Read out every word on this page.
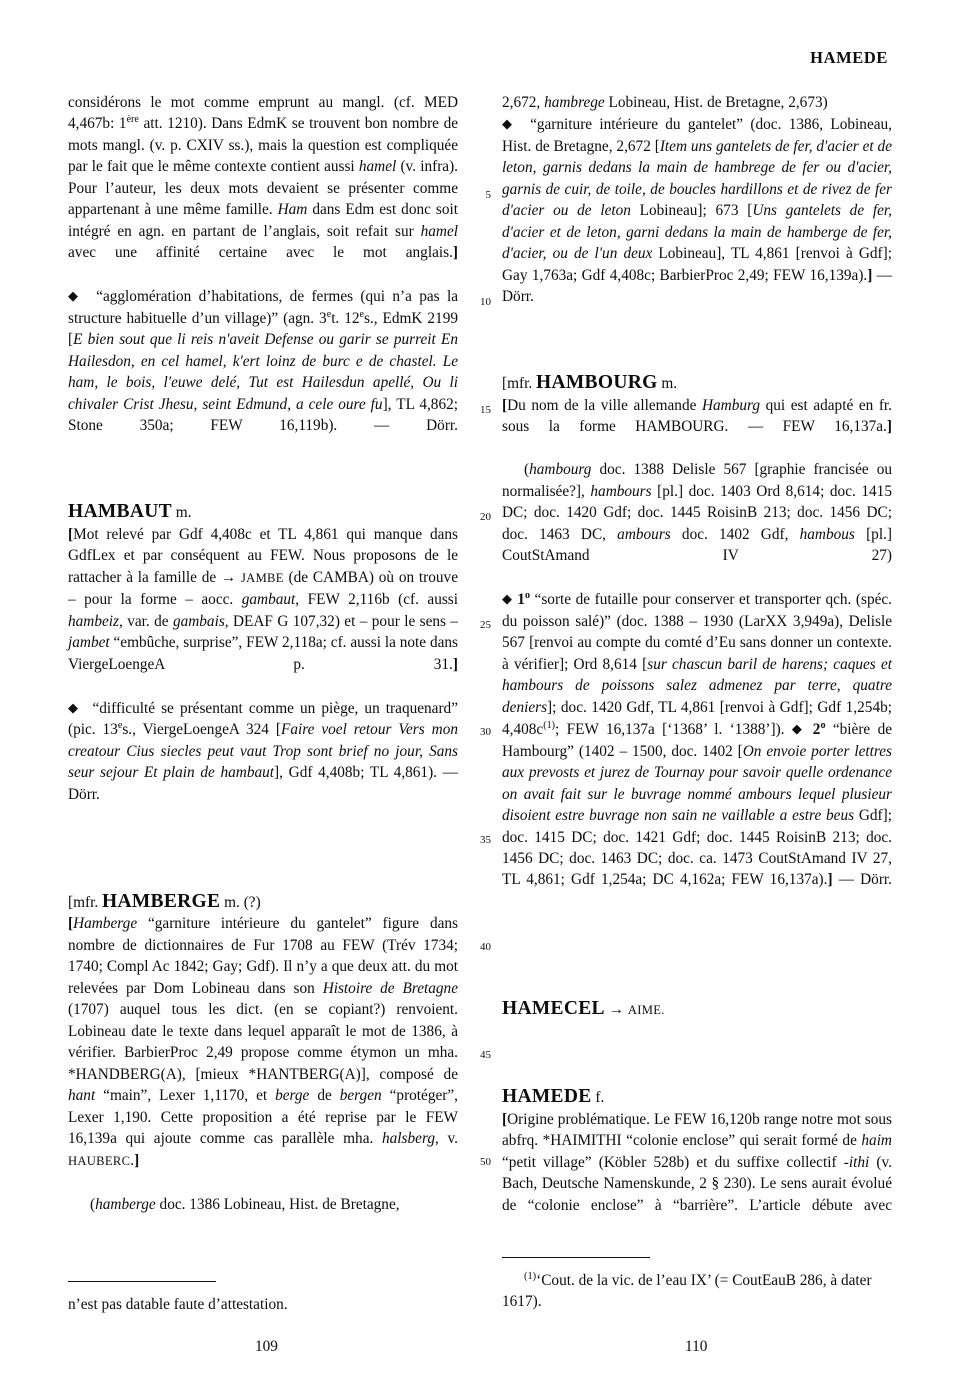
HAMEDE

considérons le mot comme emprunt au mangl. (cf. MED 4,467b: 1ère att. 1210). Dans EdmK se trouvent bon nombre de mots mangl. (v. p. CXIV ss.), mais la question est compliquée par le fait que le même contexte contient aussi hamel (v. infra). Pour l’auteur, les deux mots devaient se présenter comme appartenant à une même famille. Ham dans Edm est donc soit intégré en agn. en partant de l’anglais, soit refait sur hamel avec une affinité certaine avec le mot anglais.]

◆  “agglomération d’habitations, de fermes (qui n’a pas la structure habituelle d’un village)” (agn. 3et. 12es., EdmK 2199 [E bien sout que li reis n'aveit Defense ou garir se purreit En Hailesdon, en cel hamel, k'ert loinz de burc e de chastel. Le ham, le bois, l'euwe delé, Tut est Hailesdun apellé, Ou li chivaler Crist Jhesu, seint Edmund, a cele oure fu], TL 4,862; Stone 350a; FEW 16,119b). — Dörr.

HAMBAUT m.

[Mot relevé par Gdf 4,408c et TL 4,861 qui manque dans GdfLex et par conséquent au FEW. Nous proposons de le rattacher à la famille de → JAMBE (de CAMBA) où on trouve – pour la forme – aocc. gambaut, FEW 2,116b (cf. aussi hambeiz, var. de gambais, DEAF G 107,32) et – pour le sens – jambet “embûche, surprise”, FEW 2,118a; cf. aussi la note dans ViergeLoengeA p. 31.]

◆  “difficulté se présentant comme un piège, un traquenard” (pic. 13es., ViergeLoengeA 324 [Faire voel retour Vers mon creatour Cius siecles peut vaut Trop sont brief no jour, Sans seur sejour Et plain de hambaut], Gdf 4,408b; TL 4,861). — Dörr.

[mfr. HAMBERGE m. (?)

[Hamberge “garniture intérieure du gantelet” figure dans nombre de dictionnaires de Fur 1708 au FEW (Trév 1734; 1740; Compl Ac 1842; Gay; Gdf). Il n’y a que deux att. du mot relevées par Dom Lobineau dans son Histoire de Bretagne (1707) auquel tous les dict. (en se copiant?) renvoient. Lobineau date le texte dans lequel apparaît le mot de 1386, à vérifier. BarbierProc 2,49 propose comme étymon un mha. *HANDBERG(A), [mieux *HANTBERG(A)], composé de hant “main”, Lexer 1,1170, et berge de bergen “protéger”, Lexer 1,190. Cette proposition a été reprise par le FEW 16,139a qui ajoute comme cas parallèle mha. halsberg, v. HAUBERC.]

(hamberge doc. 1386 Lobineau, Hist. de Bretagne,

2,672, hambrege Lobineau, Hist. de Bretagne, 2,673)

◆  “garniture intérieure du gantelet” (doc. 1386, Lobineau, Hist. de Bretagne, 2,672 [Item uns gantelets de fer, d'acier et de leton, garnis dedans la main de hambrege de fer ou d'acier, garnis de cuir, de toile, de boucles hardillons et de rivez de fer d'acier ou de leton Lobineau]; 673 [Uns gantelets de fer, d'acier et de leton, garni dedans la main de hamberge de fer, d'acier, ou de l'un deux Lobineau], TL 4,861 [renvoi à Gdf]; Gay 1,763a; Gdf 4,408c; BarbierProc 2,49; FEW 16,139a).] — Dörr.

[mfr. HAMBOURG m.

[Du nom de la ville allemande Hamburg qui est adapté en fr. sous la forme HAMBOURG. — FEW 16,137a.]

(hambourg doc. 1388 Delisle 567 [graphie francisée ou normalisée?], hambours [pl.] doc. 1403 Ord 8,614; doc. 1415 DC; doc. 1420 Gdf; doc. 1445 RoisinB 213; doc. 1456 DC; doc. 1463 DC, ambours doc. 1402 Gdf, hambous [pl.] CoutStAmand IV 27)

◆ 1$^o$ “sorte de futaille pour conserver et transporter qch. (spéc. du poisson salé)” (doc. 1388 – 1930 (LarXX 3,949a), Delisle 567 [renvoi au compte du comté d’Eu sans donner un contexte. à vérifier]; Ord 8,614 [sur chascun baril de harens; caques et hambours de poissons salez admenez par terre, quatre deniers]; doc. 1420 Gdf, TL 4,861 [renvoi à Gdf]; Gdf 1,254b; $4,408c^{(1)}$; FEW 16,137a [‘1368’ l. ‘1388’]). ◆ 2$^o$ “bière de Hambourg” (1402 – 1500, doc. 1402 [On envoie porter lettres aux prevosts et jurez de Tournay pour savoir quelle ordenance on avait fait sur le buvrage nommé ambours lequel plusieur disoient estre buvrage non sain ne vaillable a estre beus Gdf]; doc. 1415 DC; doc. 1421 Gdf; doc. 1445 RoisinB 213; doc. 1456 DC; doc. 1463 DC; doc. ca. 1473 CoutStAmand IV 27, TL 4,861; Gdf 1,254a; DC 4,162a; FEW 16,137a).] — Dörr.

HAMECEL → AIME.

HAMEDE f.

[Origine problématique. Le FEW 16,120b range notre mot sous abfrq. *HAIMITHI “colonie enclose” qui serait formé de haim “petit village” (Köbler 528b) et du suffixe collectif -ithi (v. Bach, Deutsche Namenskunde, 2 § 230). Le sens aurait évolué de “colonie enclose” à “barrière”. L’article débute avec

5
10
15
20
25
30
35
40
45
50
n’est pas datable faute d’attestation.
$^{(1)}$‘Cout. de la vic. de l’eau IX’ (= CoutEauB 286, à dater 1617).
109	110
